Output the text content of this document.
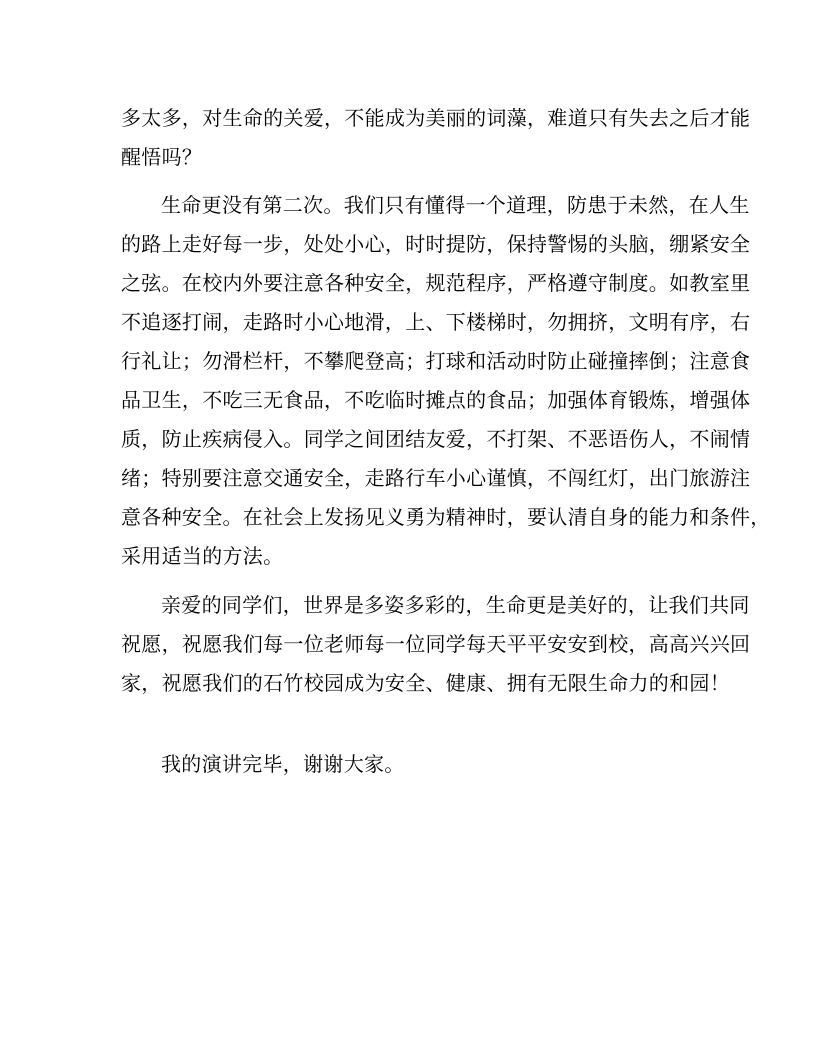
多太多，对生命的关爱，不能成为美丽的词藻，难道只有失去之后才能
醒悟吗？
生命更没有第二次。我们只有懂得一个道理，防患于未然，在人生
的路上走好每一步，处处小心，时时提防，保持警惕的头脑，绷紧安全
之弦。在校内外要注意各种安全，规范程序，严格遵守制度。如教室里
不追逐打闹，走路时小心地滑，上、下楼梯时，勿拥挤，文明有序，右
行礼让；勿滑栏杆，不攀爬登高；打球和活动时防止碰撞摔倒；注意食
品卫生，不吃三无食品，不吃临时摊点的食品；加强体育锻炼，增强体
质，防止疾病侵入。同学之间团结友爱，不打架、不恶语伤人，不闹情
绪；特别要注意交通安全，走路行车小心谨慎，不闯红灯，出门旅游注
意各种安全。在社会上发扬见义勇为精神时，要认清自身的能力和条件，
采用适当的方法。
亲爱的同学们，世界是多姿多彩的，生命更是美好的，让我们共同
祝愿，祝愿我们每一位老师每一位同学每天平平安安到校，高高兴兴回
家，祝愿我们的石竹校园成为安全、健康、拥有无限生命力的和园！
我的演讲完毕，谢谢大家。
